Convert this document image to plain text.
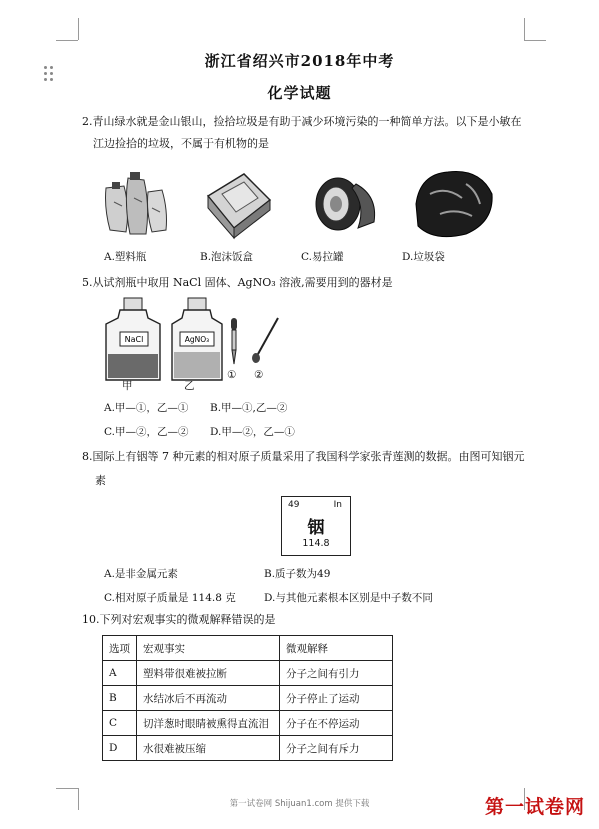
浙江省绍兴市2018年中考
化学试题
2.青山绿水就是金山银山，捡拾垃圾是有助于减少环境污染的一种简单方法。以下是小敏在
江边捡拾的垃圾，不属于有机物的是
A.塑料瓶	B.泡沫饭盒	C.易拉罐	D.垃圾袋
5.从试剂瓶中取用 NaCl 固体、AgNO₃ 溶液,需要用到的器材是
NaCl	AgNO₃
甲	乙
① ②
A.甲—①，乙—① B.甲—①,乙—②
C.甲—②，乙—② D.甲—②，乙—①
8.国际上有铟等 7 种元素的相对原子质量采用了我国科学家张青莲测的数据。由图可知铟元
素
49	In
铟
114.8
A.是非金属元素	B.质子数为49
C.相对原子质量是 114.8 克	D.与其他元素根本区别是中子数不同
10.下列对宏观事实的微观解释错误的是
选项	宏观事实	微观解释
A	塑料带很难被拉断	分子之间有引力
B	水结冰后不再流动	分子停止了运动
C	切洋葱时眼睛被熏得直流泪	分子在不停运动
D	水很难被压缩	分子之间有斥力
第一试卷网 Shijuan1.com 提供下载	第一试卷网
